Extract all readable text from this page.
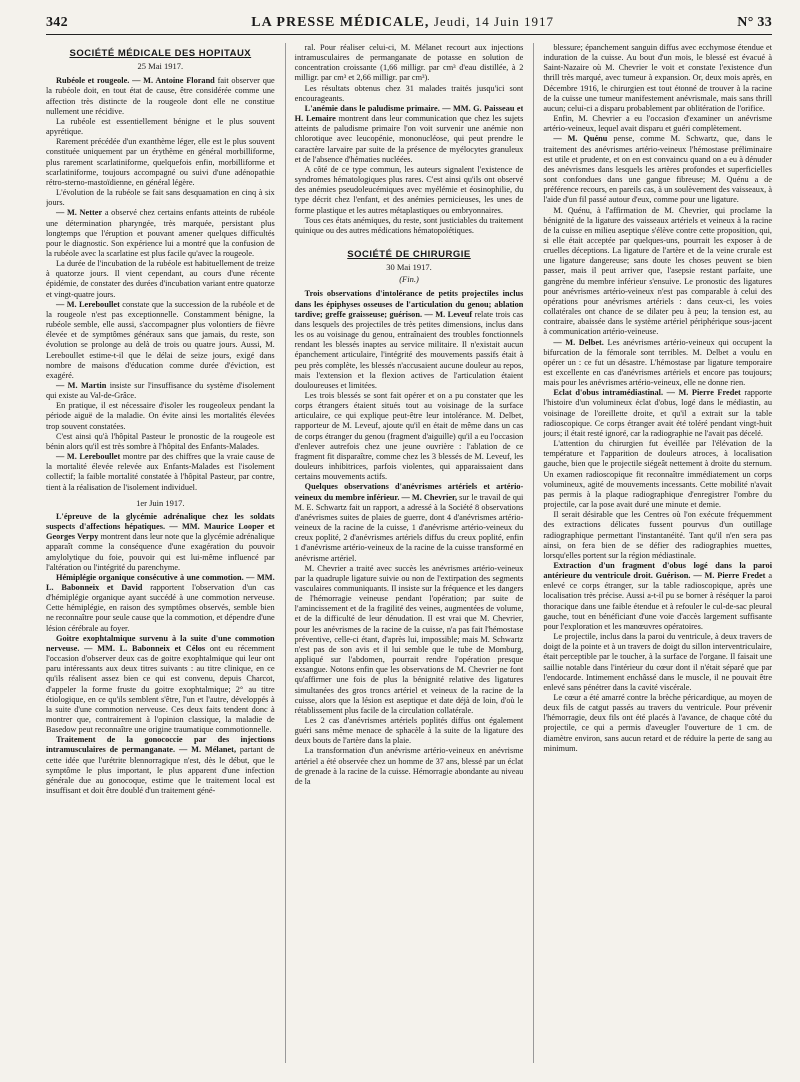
342	LA PRESSE MÉDICALE, Jeudi, 14 Juin 1917	N° 33
SOCIÉTÉ MÉDICALE DES HOPITAUX
25 Mai 1917.

Rubéole et rougeole. — M. Antoine Florand fait observer que la rubéole doit, en tout état de cause, être considérée comme une affection très distincte de la rougeole dont elle ne constitue nullement une récidive.

La rubéole est essentiellement bénigne et le plus souvent apyrétique.

Rarement précédée d'un exanthème léger, elle est le plus souvent constituée uniquement par un érythème en général morbilliforme, plus rarement scarlatiniforme, quelquefois enfin, morbilliforme et scarlatiniforme, toujours accompagné ou suivi d'une adénopathie rétro-sterno-mastoïdienne, en général légère.

L'évolution de la rubéole se fait sans desquamation en cinq à six jours.

— M. Netter a observé chez certains enfants atteints de rubéole une détermination pharyngée, très marquée, persistant plus longtemps que l'éruption et pouvant amener quelques difficultés pour le diagnostic. Son expérience lui a montré que la confusion de la rubéole avec la scarlatine est plus facile qu'avec la rougeole.

La durée de l'incubation de la rubéole est habituellement de treize à quatorze jours. Il vient cependant, au cours d'une récente épidémie, de constater des durées d'incubation variant entre quatorze et vingt-quatre jours.

— M. Lereboullet constate que la succession de la rubéole et de la rougeole n'est pas exceptionnelle. Constamment bénigne, la rubéole semble, elle aussi, s'accompagner plus volontiers de fièvre élevée et de symptômes généraux sans que jamais, du reste, son évolution se prolonge au delà de trois ou quatre jours. Aussi, M. Lereboullet estime-t-il que le délai de seize jours, exigé dans nombre de maisons d'éducation comme durée d'éviction, est exagéré.

— M. Martin insiste sur l'insuffisance du système d'isolement qui existe au Val-de-Grâce.

En pratique, il est nécessaire d'isoler les rougeoleux pendant la période aiguë de la maladie. On évite ainsi les mortalités élevées trop souvent constatées.

C'est ainsi qu'à l'hôpital Pasteur le pronostic de la rougeole est bénin alors qu'il est très sombre à l'hôpital des Enfants-Malades.

— M. Lereboullet montre par des chiffres que la vraie cause de la mortalité élevée relevée aux Enfants-Malades est l'isolement collectif; la faible mortalité constatée à l'hôpital Pasteur, par contre, tient à la réalisation de l'isolement individuel.

1er Juin 1917.

L'épreuve de la glycémie adrénalique chez les soldats suspects d'affections hépatiques. — MM. Maurice Looper et Georges Verpy montrent dans leur note que la glycémie adrénalique apparaît comme la conséquence d'une exagération du pouvoir amylolytique du foie, pouvoir qui est lui-même influencé par l'altération ou l'intégrité du parenchyme.

Hémiplégie organique consécutive à une commotion. — MM. L. Babonneix et David rapportent l'observation d'un cas d'hémiplégie organique ayant succédé à une commotion nerveuse. Cette hémiplégie, en raison des symptômes observés, semble bien ne reconnaître pour seule cause que la commotion, et dépendre d'une lésion cérébrale au foyer.

Goitre exophtalmique survenu à la suite d'une commotion nerveuse. — MM. L. Babonneix et Célos ont eu récemment l'occasion d'observer deux cas de goitre exophtalmique qui leur ont paru intéressants aux deux titres suivants : au titre clinique, en ce qu'ils réalisent assez bien ce qui est convenu, depuis Charcot, d'appeler la forme fruste du goitre exophtalmique; 2° au titre étiologique, en ce qu'ils semblent s'être, l'un et l'autre, développés à la suite d'une commotion nerveuse. Ces deux faits tendent donc à montrer que, contrairement à l'opinion classique, la maladie de Basedow peut reconnaître une origine traumatique commotionnelle.

Traitement de la gonococcie par des injections intramusculaires de permanganate. — M. Mélanet, partant de cette idée que l'urétrite blennorragique n'est, dès le début, que le symptôme le plus important, le plus apparent d'une infection générale due au gonocoque, estime que le traitement local est insuffisant et doit être doublé d'un traitement géné-

ral. Pour réaliser celui-ci, M. Mélanet recourt aux injections intramusculaires de permanganate de potasse en solution de concentration croissante (1,66 milligr. par cm³ d'eau distillée, à 2 milligr. par cm³ et 2,66 milligr. par cm³).

Les résultats obtenus chez 31 malades traités jusqu'ici sont encourageants.

L'anémie dans le paludisme primaire. — MM. G. Paisseau et H. Lemaire montrent dans leur communication que chez les sujets atteints de paludisme primaire l'on voit survenir une anémie non chlorotique avec leucopénie, mononucléose, qui peut prendre le caractère larvaire par suite de la présence de myélocytes granuleux et de l'absence d'hématies nucléées.

A côté de ce type commun, les auteurs signalent l'existence de syndromes hématologiques plus rares. C'est ainsi qu'ils ont observé des anémies pseudoleucémiques avec myélémie et éosinophilie, du type décrit chez l'enfant, et des anémies pernicieuses, les unes de forme plastique et les autres métaplastiques ou embryonnaires.

Tous ces états anémiques, du reste, sont justiciables du traitement quinique ou des autres médications hématopoïétiques.

SOCIÉTÉ DE CHIRURGIE
30 Mai 1917.
(Fin.)

Trois observations d'intolérance de petits projectiles inclus dans les épiphyses osseuses de l'articulation du genou; ablation tardive; greffe graisseuse; guérison. — M. Leveuf relate trois cas dans lesquels des projectiles de très petites dimensions, inclus dans les os au voisinage du genou, entraînaient des troubles fonctionnels rendant les blessés inaptes au service militaire. Il n'existait aucun épanchement articulaire, l'intégrité des mouvements passifs était à peu près complète, les blessés n'accusaient aucune douleur au repos, mais l'extension et la flexion actives de l'articulation étaient douloureuses et limitées.

Les trois blessés se sont fait opérer et on a pu constater que les corps étrangers étaient situés tout au voisinage de la surface articulaire, ce qui explique peut-être leur intolérance. M. Delbet, rapporteur de M. Leveuf, ajoute qu'il en était de même dans un cas de corps étranger du genou (fragment d'aiguille) qu'il a eu l'occasion d'enlever autrefois chez une jeune ouvrière : l'ablation de ce fragment fit disparaître, comme chez les 3 blessés de M. Leveuf, les douleurs inhibitrices, parfois violentes, qui apparaissaient dans certains mouvements actifs.

Quelques observations d'anévrismes artériels et artério-veineux du membre inférieur. — M. Chevrier, sur le travail de qui M. E. Schwartz fait un rapport, a adressé à la Société 8 observations d'anévrismes suites de plaies de guerre, dont 4 d'anévrismes artério-veineux de la racine de la cuisse, 1 d'anévrisme artério-veineux du creux poplité, 2 d'anévrismes artériels diffus du creux poplité, enfin 1 d'anévrisme artério-veineux de la racine de la cuisse transformé en anévrisme artériel.

M. Chevrier a traité avec succès les anévrismes artério-veineux par la quadruple ligature suivie ou non de l'extirpation des segments vasculaires communiquants. Il insiste sur la fréquence et les dangers de l'hémorragie veineuse pendant l'opération; par suite de l'amincissement et de la fragilité des veines, augmentées de volume, et de la difficulté de leur dénudation. Il est vrai que M. Chevrier, pour les anévrismes de la racine de la cuisse, n'a pas fait l'hémostase préventive, celle-ci étant, d'après lui, impossible; mais M. Schwartz n'est pas de son avis et il lui semble que le tube de Momburg, appliqué sur l'abdomen, pourrait rendre l'opération presque exsangue. Notons enfin que les observations de M. Chevrier ne font qu'affirmer une fois de plus la bénignité relative des ligatures simultanées des gros troncs artériel et veineux de la racine de la cuisse, alors que la lésion est aseptique et date déjà de loin, d'où le rétablissement plus facile de la circulation collatérale.

Les 2 cas d'anévrismes artériels poplités diffus ont également guéri sans même menace de sphacèle à la suite de la ligature des deux bouts de l'artère dans la plaie.

La transformation d'un anévrisme artério-veineux en anévrisme artériel a été observée chez un homme de 37 ans, blessé par un éclat de grenade à la racine de la cuisse. Hémorragie abondante au niveau de la

blessure; épanchement sanguin diffus avec ecchymose étendue et induration de la cuisse. Au bout d'un mois, le blessé est évacué à Saint-Nazaire où M. Chevrier le voit et constate l'existence d'un thrill très marqué, avec tumeur à expansion. Or, deux mois après, en Décembre 1916, le chirurgien est tout étonné de trouver à la racine de la cuisse une tumeur manifestement anévrismale, mais sans thrill aucun; celui-ci a disparu probablement par oblitération de l'orifice.

Enfin, M. Chevrier a eu l'occasion d'examiner un anévrisme artério-veineux, lequel avait disparu et guéri complètement.

— M. Quénu pense, comme M. Schwartz, que, dans le traitement des anévrismes artério-veineux l'hémostase préliminaire est utile et prudente, et on en est convaincu quand on a eu à dénuder des anévrismes dans lesquels les artères profondes et superficielles sont confondues dans une gangue fibreuse; M. Quénu a de préférence recours, en pareils cas, à un soulèvement des vaisseaux, à l'aide d'un fil passé autour d'eux, comme pour une ligature.

M. Quénu, à l'affirmation de M. Chevrier, qui proclame la bénignité de la ligature des vaisseaux artériels et veineux à la racine de la cuisse en milieu aseptique s'élève contre cette proposition, qui, si elle était acceptée par quelques-uns, pourrait les exposer à de cruelles déceptions. La ligature de l'artère et de la veine crurale est une ligature dangereuse; sans doute les choses peuvent se bien passer, mais il peut arriver que, l'asepsie restant parfaite, une gangrène du membre inférieur s'ensuive. Le pronostic des ligatures pour anévrismes artério-veineux n'est pas comparable à celui des opérations pour anévrismes artériels : dans ceux-ci, les voies collatérales ont chance de se dilater peu à peu; la tension est, au contraire, abaissée dans le système artériel périphérique sous-jacent à communication artério-veineuse.

— M. Delbet. Les anévrismes artério-veineux qui occupent la bifurcation de la fémorale sont terribles. M. Delbet a voulu en opérer un : ce fut un désastre. L'hémostase par ligature temporaire est excellente en cas d'anévrismes artériels et encore pas toujours; mais pour les anévrismes artério-veineux, elle ne donne rien.

Eclat d'obus intramédiastinal. — M. Pierre Fredet rapporte l'histoire d'un volumineux éclat d'obus, logé dans le médiastin, au voisinage de l'oreillette droite, et qu'il a extrait sur la table radioscopique. Ce corps étranger avait été toléré pendant vingt-huit jours; il était resté ignoré, car la radiographie ne l'avait pas décelé.

L'attention du chirurgien fut éveillée par l'élévation de la température et l'apparition de douleurs atroces, à localisation gauche, bien que le projectile siégeât nettement à droite du sternum. Un examen radioscopique fit reconnaître immédiatement un corps volumineux, agité de mouvements incessants. Cette mobilité n'avait pas permis à la plaque radiographique d'enregistrer l'ombre du projectile, car la pose avait duré une minute et demie.

Il serait désirable que les Centres où l'on exécute fréquemment des extractions délicates fussent pourvus d'un outillage radiographique permettant l'instantanéité. Tant qu'il n'en sera pas ainsi, on fera bien de se défier des radiographies muettes, lorsqu'elles portent sur la région médiastinale.

Extraction d'un fragment d'obus logé dans la paroi antérieure du ventricule droit. Guérison. — M. Pierre Fredet a enlevé ce corps étranger, sur la table radioscopique, après une localisation très précise. Aussi a-t-il pu se borner à réséquer la paroi thoracique dans une faible étendue et à refouler le cul-de-sac pleural gauche, tout en bénéficiant d'une voie d'accès largement suffisante pour l'exploration et les manœuvres opératoires.

Le projectile, inclus dans la paroi du ventricule, à deux travers de doigt de la pointe et à un travers de doigt du sillon interventriculaire, était perceptible par le toucher, à la surface de l'organe. Il faisait une saillie notable dans l'intérieur du cœur dont il n'était séparé que par l'endocarde. Intimement enchâssé dans le muscle, il ne pouvait être enlevé sans pénétrer dans la cavité viscérale.

Le cœur a été amarré contre la brèche péricardique, au moyen de deux fils de catgut passés au travers du ventricule. Pour prévenir l'hémorragie, deux fils ont été placés à l'avance, de chaque côté du projectile, ce qui a permis d'aveugler l'ouverture de 1 cm. de diamètre environ, sans aucun retard et de réduire la perte de sang au minimum.
